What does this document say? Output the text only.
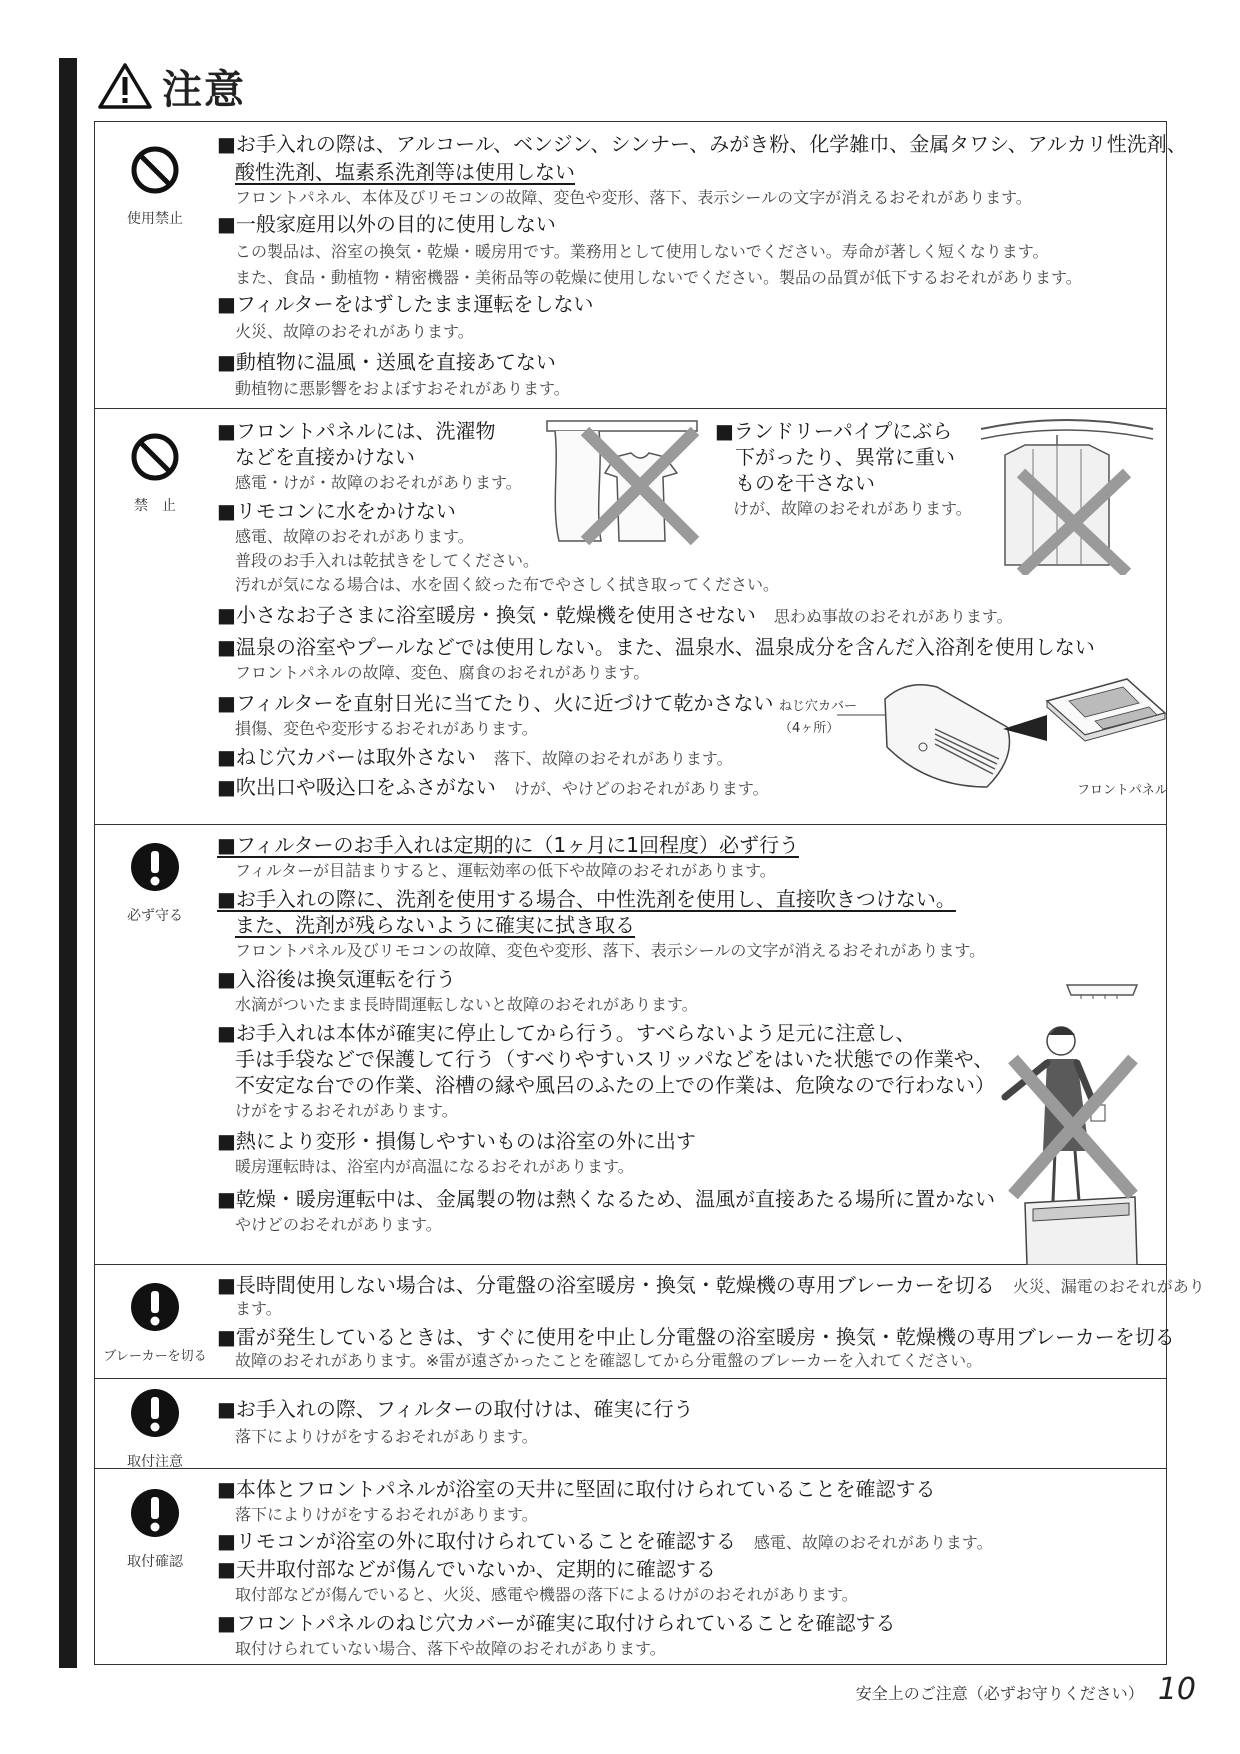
注意
使用禁止
■お手入れの際は、アルコール、ベンジン、シンナー、みがき粉、化学雑巾、金属タワシ、アルカリ性洗剤、
酸性洗剤、塩素系洗剤等は使用しない
フロントパネル、本体及びリモコンの故障、変色や変形、落下、表示シールの文字が消えるおそれがあります。
■一般家庭用以外の目的に使用しない
この製品は、浴室の換気・乾燥・暖房用です。業務用として使用しないでください。寿命が著しく短くなります。
また、食品・動植物・精密機器・美術品等の乾燥に使用しないでください。製品の品質が低下するおそれがあります。
■フィルターをはずしたまま運転をしない
火災、故障のおそれがあります。
■動植物に温風・送風を直接あてない
動植物に悪影響をおよぼすおそれがあります。
禁　止
■フロントパネルには、洗濯物
などを直接かけない
感電・けが・故障のおそれがあります。
■ランドリーパイプにぶら
下がったり、異常に重い
ものを干さない
けが、故障のおそれがあります。
■リモコンに水をかけない
感電、故障のおそれがあります。
普段のお手入れは乾拭きをしてください。
汚れが気になる場合は、水を固く絞った布でやさしく拭き取ってください。
■小さなお子さまに浴室暖房・換気・乾燥機を使用させない 思わぬ事故のおそれがあります。
■温泉の浴室やプールなどでは使用しない。また、温泉水、温泉成分を含んだ入浴剤を使用しない
フロントパネルの故障、変色、腐食のおそれがあります。
■フィルターを直射日光に当てたり、火に近づけて乾かさない
損傷、変色や変形するおそれがあります。
■ねじ穴カバーは取外さない 落下、故障のおそれがあります。
■吹出口や吸込口をふさがない けが、やけどのおそれがあります。
ねじ穴カバー
（4ヶ所）
フロントパネル
必ず守る
■フィルターのお手入れは定期的に（1ヶ月に1回程度）必ず行う
フィルターが目詰まりすると、運転効率の低下や故障のおそれがあります。
■お手入れの際に、洗剤を使用する場合、中性洗剤を使用し、直接吹きつけない。
また、洗剤が残らないように確実に拭き取る
フロントパネル及びリモコンの故障、変色や変形、落下、表示シールの文字が消えるおそれがあります。
■入浴後は換気運転を行う
水滴がついたまま長時間運転しないと故障のおそれがあります。
■お手入れは本体が確実に停止してから行う。すべらないよう足元に注意し、
手は手袋などで保護して行う（すべりやすいスリッパなどをはいた状態での作業や、
不安定な台での作業、浴槽の縁や風呂のふたの上での作業は、危険なので行わない）
けがをするおそれがあります。
■熱により変形・損傷しやすいものは浴室の外に出す
暖房運転時は、浴室内が高温になるおそれがあります。
■乾燥・暖房運転中は、金属製の物は熱くなるため、温風が直接あたる場所に置かない
やけどのおそれがあります。
ブレーカーを切る
■長時間使用しない場合は、分電盤の浴室暖房・換気・乾燥機の専用ブレーカーを切る 火災、漏電のおそれがあり
ます。
■雷が発生しているときは、すぐに使用を中止し分電盤の浴室暖房・換気・乾燥機の専用ブレーカーを切る
故障のおそれがあります。※雷が遠ざかったことを確認してから分電盤のブレーカーを入れてください。
取付注意
■お手入れの際、フィルターの取付けは、確実に行う
落下によりけがをするおそれがあります。
取付確認
■本体とフロントパネルが浴室の天井に堅固に取付けられていることを確認する
落下によりけがをするおそれがあります。
■リモコンが浴室の外に取付けられていることを確認する 感電、故障のおそれがあります。
■天井取付部などが傷んでいないか、定期的に確認する
取付部などが傷んでいると、火災、感電や機器の落下によるけがのおそれがあります。
■フロントパネルのねじ穴カバーが確実に取付けられていることを確認する
取付けられていない場合、落下や故障のおそれがあります。
安全上のご注意（必ずお守りください） 10
